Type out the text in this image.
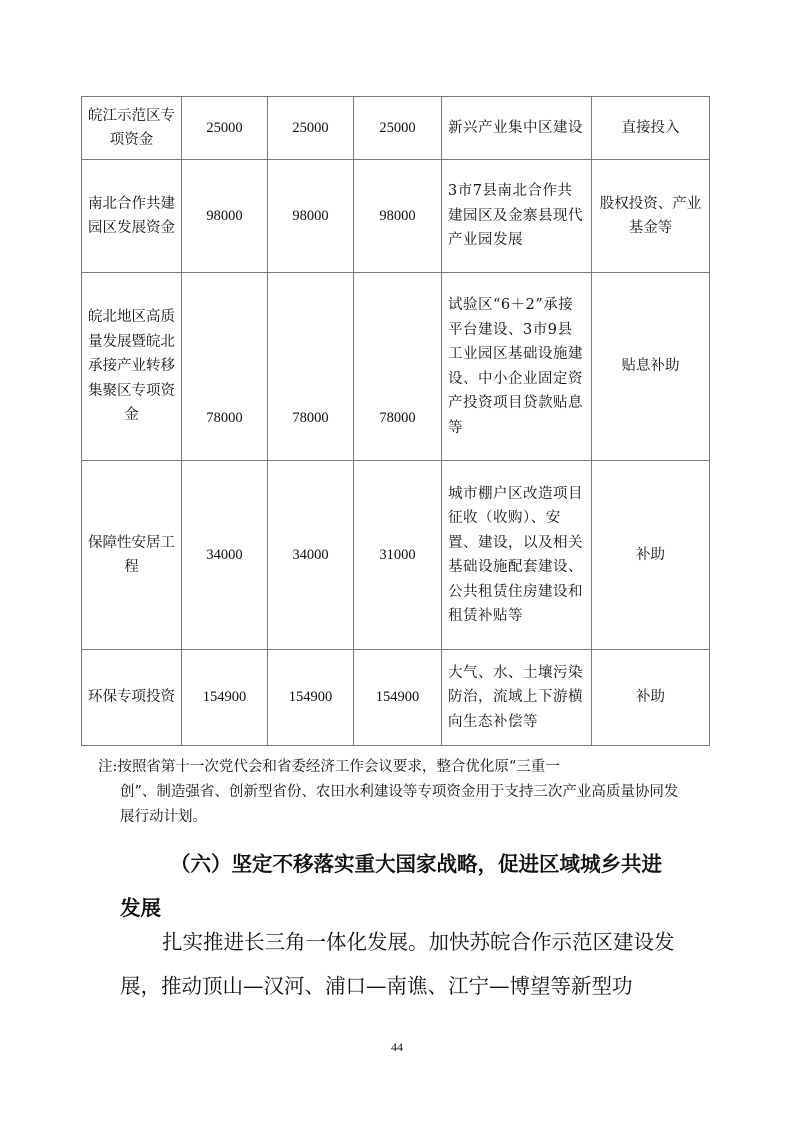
皖江示范区专项资金	25000	25000	25000	新兴产业集中区建设	直接投入
南北合作共建园区发展资金	98000	98000	98000	3市7县南北合作共建园区及金寨县现代产业园发展	股权投资、产业基金等
皖北地区高质量发展暨皖北承接产业转移集聚区专项资金	78000	78000	78000	试验区“6＋2”承接平台建设、3市9县工业园区基础设施建设、中小企业固定资产投资项目贷款贴息等	贴息补助
保障性安居工程	34000	34000	31000	城市棚户区改造项目征收（收购）、安置、建设，以及相关基础设施配套建设、公共租赁住房建设和租赁补贴等	补助
环保专项投资	154900	154900	154900	大气、水、土壤污染防治，流域上下游横向生态补偿等	补助

注:按照省第十一次党代会和省委经济工作会议要求，整合优化原“三重一
创”、制造强省、创新型省份、农田水利建设等专项资金用于支持三次产业高质量协同发展行动计划。

（六）坚定不移落实重大国家战略，促进区域城乡共进
发展

扎实推进长三角一体化发展。加快苏皖合作示范区建设发展，推动顶山—汉河、浦口—南谯、江宁—博望等新型功

44
